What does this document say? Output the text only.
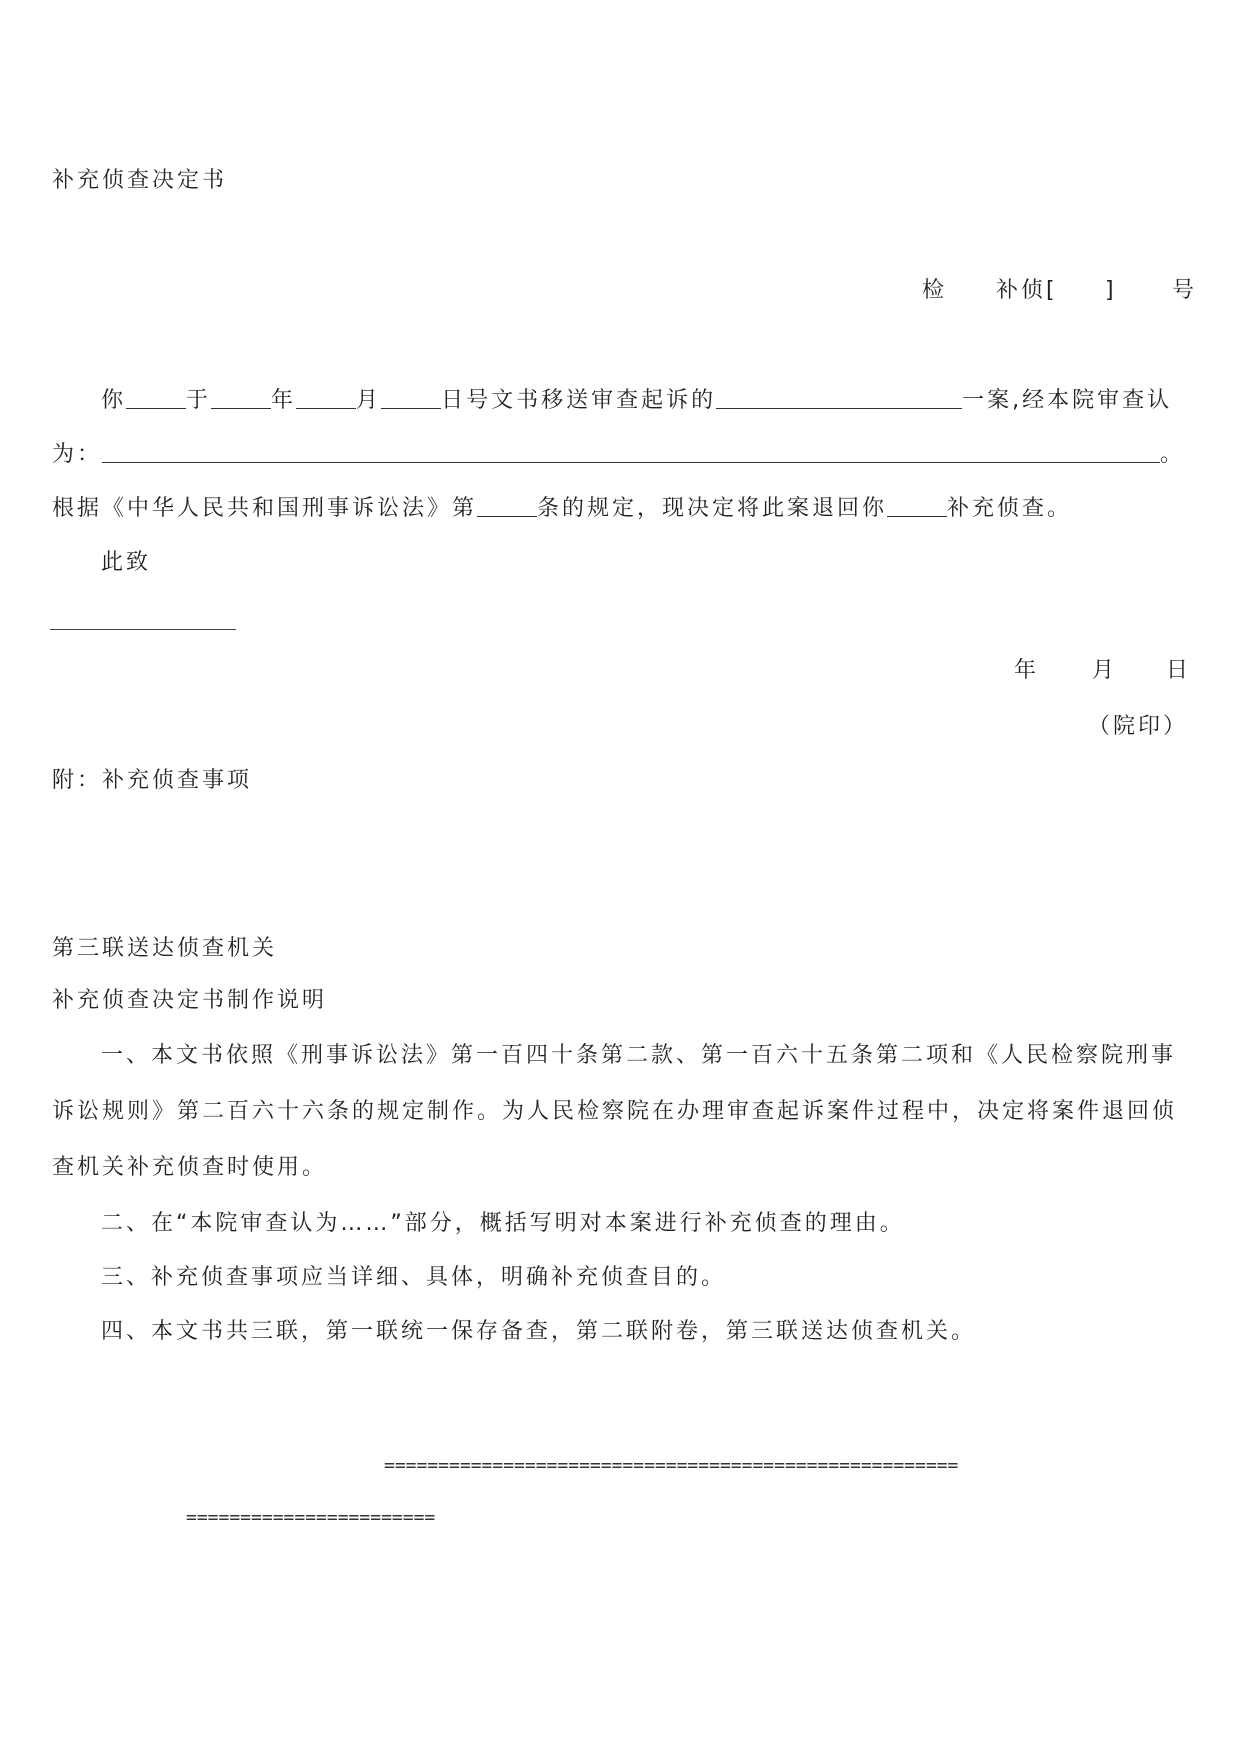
补充侦查决定书
检 补侦[ ]	号
你	于	年	月	日号文书移送审查起诉的	一案,经本院审查认
为：	。
根据《中华人民共和国刑事诉讼法》第	条的规定，现决定将此案退回你	补充侦查。
此致
年 月 日
（院印）
附：补充侦查事项
第三联送达侦查机关
补充侦查决定书制作说明
一、本文书依照《刑事诉讼法》第一百四十条第二款、第一百六十五条第二项和《人民检察院刑事诉讼规则》第二百六十六条的规定制作。为人民检察院在办理审查起诉案件过程中，决定将案件退回侦查机关补充侦查时使用。
二、在“本院审查认为……”部分，概括写明对本案进行补充侦查的理由。
三、补充侦查事项应当详细、具体，明确补充侦查目的。
四、本文书共三联，第一联统一保存备查，第二联附卷，第三联送达侦查机关。
=====================================================
=======================
